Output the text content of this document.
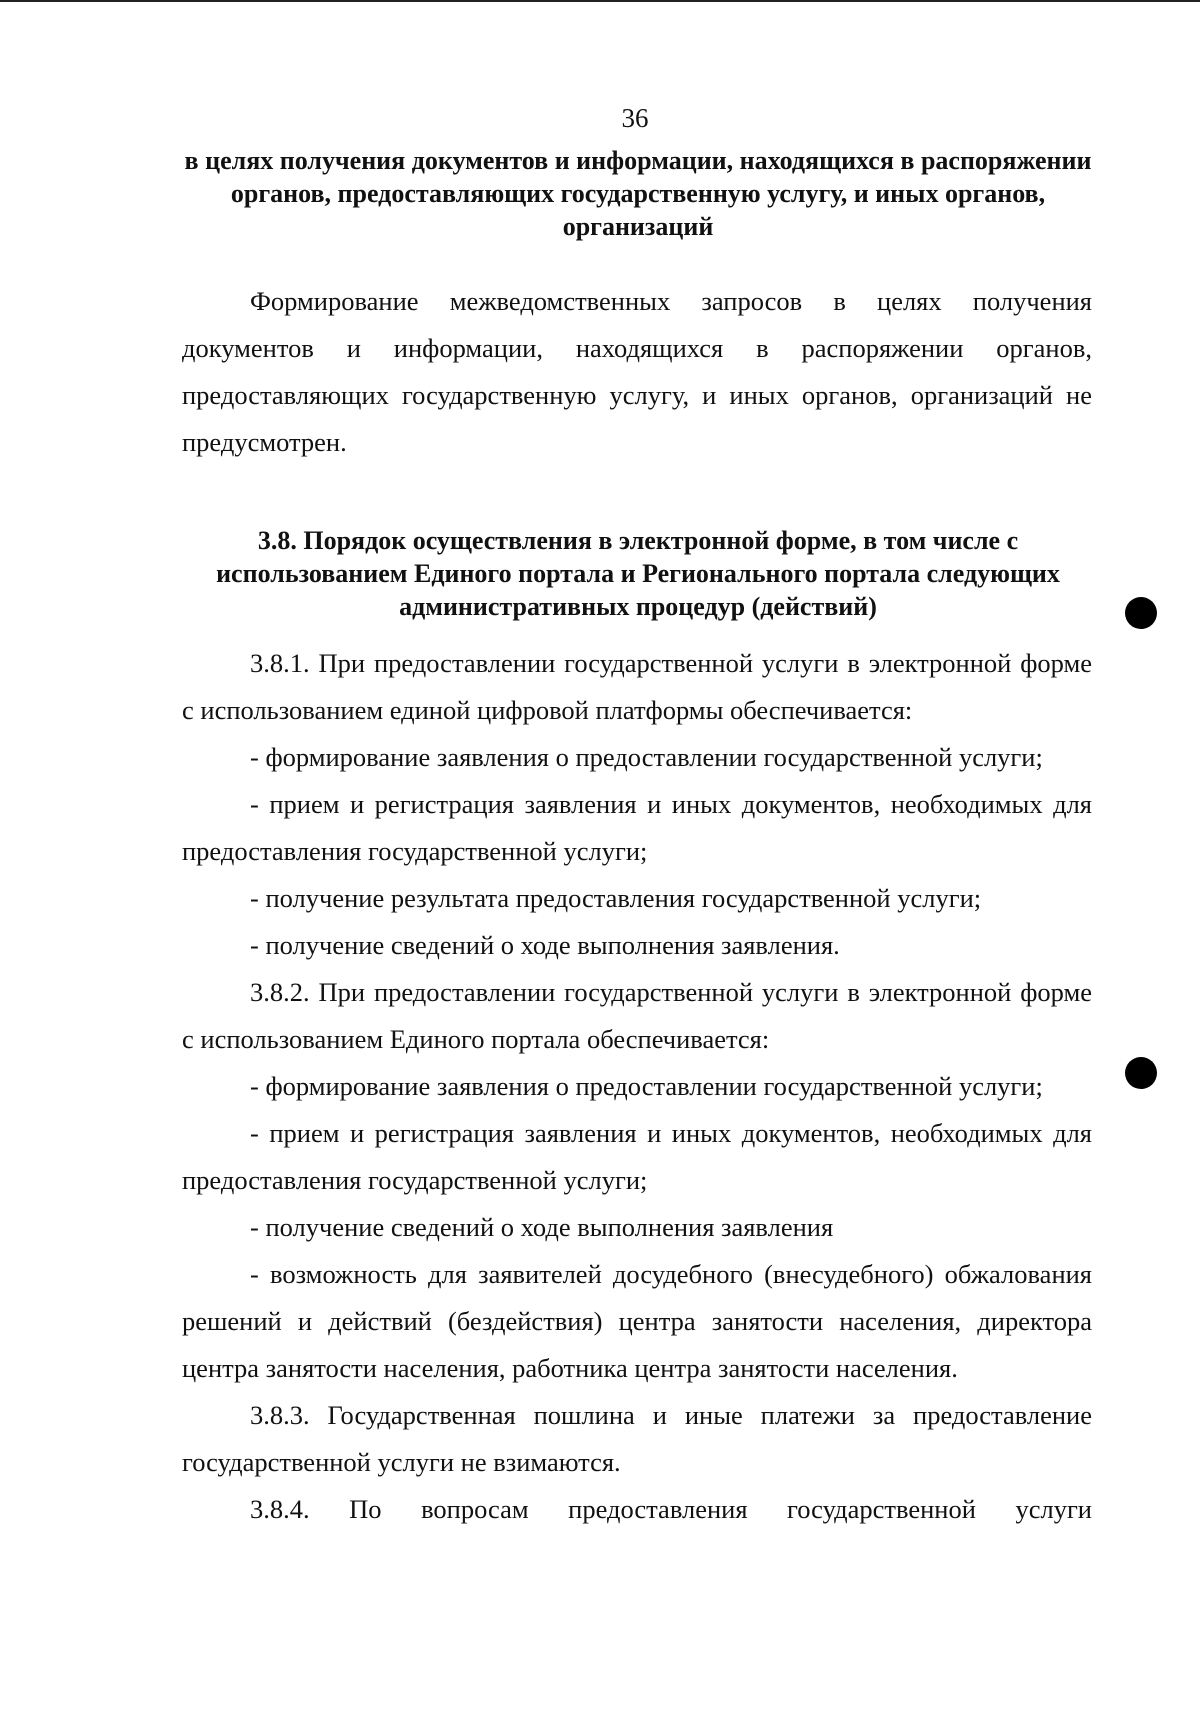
36
в целях получения документов и информации, находящихся в распоряжении органов, предоставляющих государственную услугу, и иных органов, организаций

Формирование межведомственных запросов в целях получения документов и информации, находящихся в распоряжении органов, предоставляющих государственную услугу, и иных органов, организаций не предусмотрен.

3.8. Порядок осуществления в электронной форме, в том числе с использованием Единого портала и Регионального портала следующих административных процедур (действий)

3.8.1. При предоставлении государственной услуги в электронной форме с использованием единой цифровой платформы обеспечивается:

- формирование заявления о предоставлении государственной услуги;

- прием и регистрация заявления и иных документов, необходимых для предоставления государственной услуги;

- получение результата предоставления государственной услуги;
- получение сведений о ходе выполнения заявления.

3.8.2. При предоставлении государственной услуги в электронной форме с использованием Единого портала обеспечивается:

- формирование заявления о предоставлении государственной услуги;

- прием и регистрация заявления и иных документов, необходимых для предоставления государственной услуги;

- получение сведений о ходе выполнения заявления

- возможность для заявителей досудебного (внесудебного) обжалования решений и действий (бездействия) центра занятости населения, директора центра занятости населения, работника центра занятости населения.

3.8.3. Государственная пошлина и иные платежи за предоставление государственной услуги не взимаются.

3.8.4. По вопросам предоставления государственной услуги
